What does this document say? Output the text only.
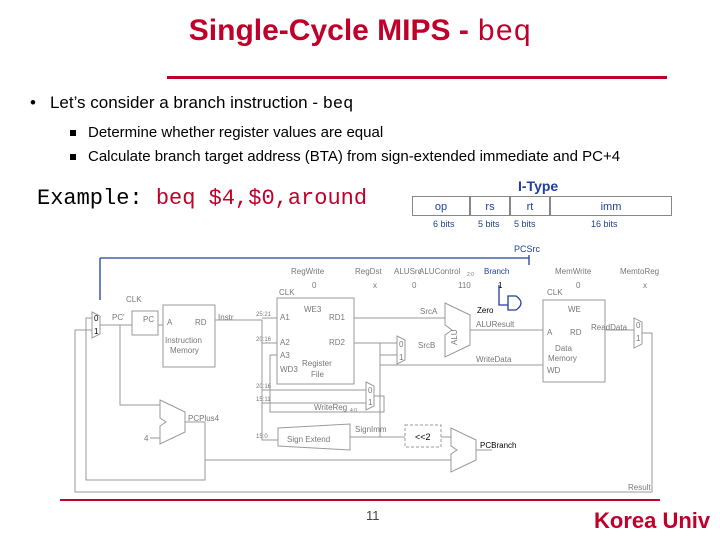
Single-Cycle MIPS - beq
• Let’s consider a branch instruction - beq
Determine whether register values are equal
Calculate branch target address (BTA) from sign-extended immediate and PC+4
Example: beq $4,$0,around	I-Type
op	rs	rt	imm
6 bits	5 bits 5 bits	16 bits
RegWrite
0
RegDst
x
ALUSrc
0
ALUControl 2:0
110
MemWrite
0
MemtoReg
x
CLK
CLK	CLK
PC' PC A	RD
Instruction
Memory
Instr	25:21
20:16
20:16
15:11
15:0
A1
A2
A3
WD3
WE3
RD1
RD2
Register
File
SrcA
SrcB
0
1
Zero
ALU
ALUResult
WriteData
WriteReg 4:0
0
1
WE
A RD
Data
Memory
WD
ReadData 0
1
0
1
PCPlus4
4	Sign Extend
SignImm
PCBranch
Result
PCSrc
Branch
1
<<2
11	Korea Univ
